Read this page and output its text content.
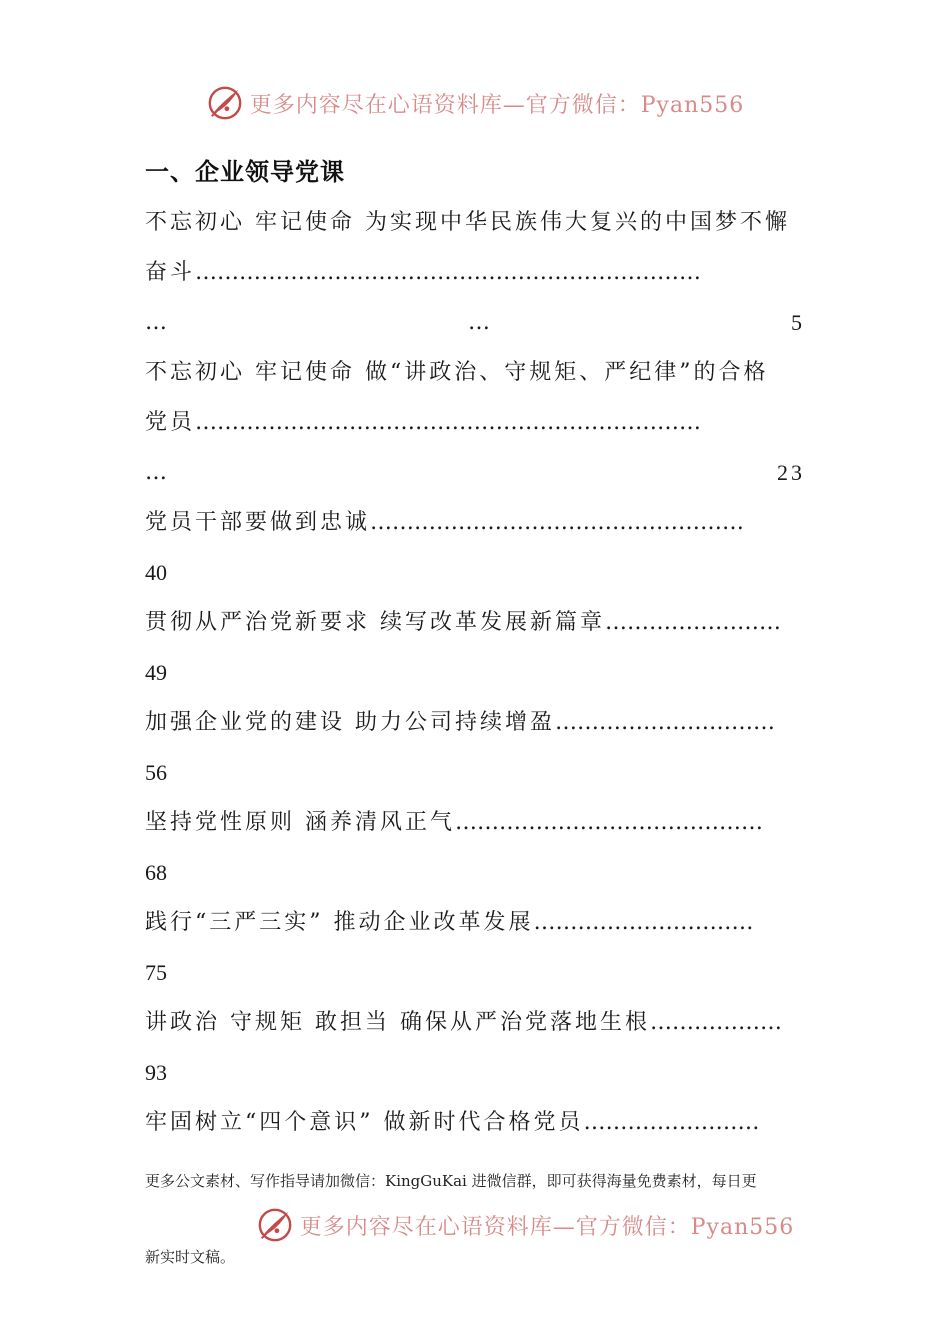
更多内容尽在心语资料库—官方微信：Pyan556
一、企业领导党课
不忘初心 牢记使命 为实现中华民族伟大复兴的中国梦不懈
奋斗……………………………………………………………
…	…	5
不忘初心 牢记使命 做“讲政治、守规矩、严纪律”的合格
党员……………………………………………………………
…	23
党员干部要做到忠诚……………………………………………
40
贯彻从严治党新要求 续写改革发展新篇章……………………
49
加强企业党的建设 助力公司持续增盈…………………………
56
坚持党性原则 涵养清风正气……………………………………
68
践行“三严三实” 推动企业改革发展…………………………
75
讲政治 守规矩 敢担当 确保从严治党落地生根………………
93
牢固树立“四个意识” 做新时代合格党员……………………
更多公文素材、写作指导请加微信：KingGuKai 进微信群，即可获得海量免费素材，每日更
更多内容尽在心语资料库—官方微信：Pyan556
新实时文稿。
